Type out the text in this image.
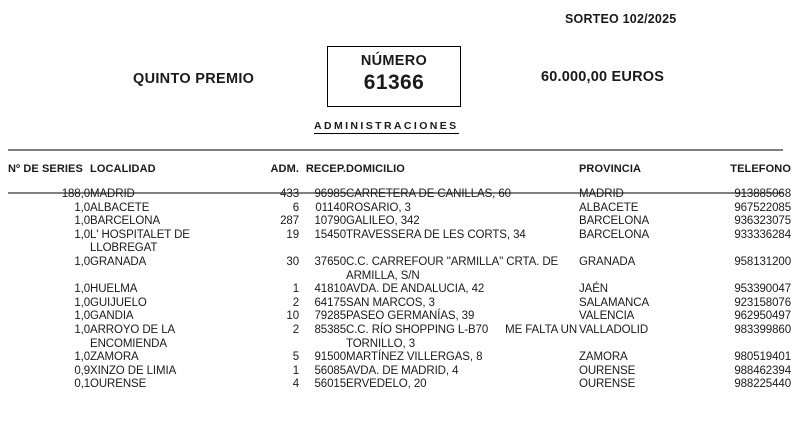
SORTEO 102/2025
QUINTO PREMIO
NÚMERO
61366	60.000,00 EUROS
ADMINISTRACIONES
Nº DE SERIES	LOCALIDAD	ADM.	RECEP.	DOMICILIO	PROVINCIA	TELEFONO

188,0	MADRID	433	96985	CARRETERA DE CANILLAS, 60	MADRID	913885068
1,0	ALBACETE	6	01140	ROSARIO, 3	ALBACETE	967522085
1,0	BARCELONA	287	10790	GALILEO, 342	BARCELONA	936323075
1,0	L' HOSPITALET DE LLOBREGAT	19	15450	TRAVESSERA DE LES CORTS, 34	BARCELONA	933336284
1,0	GRANADA	30	37650	C.C. CARREFOUR "ARMILLA" CRTA. DE
ARMILLA, S/N	GRANADA	958131200
1,0	HUELMA	1	41810	AVDA. DE ANDALUCIA, 42	JAÉN	953390047
1,0	GUIJUELO	2	64175	SAN MARCOS, 3	SALAMANCA	923158076
1,0	GANDIA	10	79285	PASEO GERMANÍAS, 39	VALENCIA	962950497
1,0	ARROYO DE LA ENCOMIENDA	2	85385	C.C. RÍO SHOPPING L-B70 ME FALTA UN
TORNILLO, 3	VALLADOLID	983399860
1,0	ZAMORA	5	91500	MARTÍNEZ VILLERGAS, 8	ZAMORA	980519401
0,9	XINZO DE LIMIA	1	56085	AVDA. DE MADRID, 4	OURENSE	988462394
0,1	OURENSE	4	56015	ERVEDELO, 20	OURENSE	988225440
